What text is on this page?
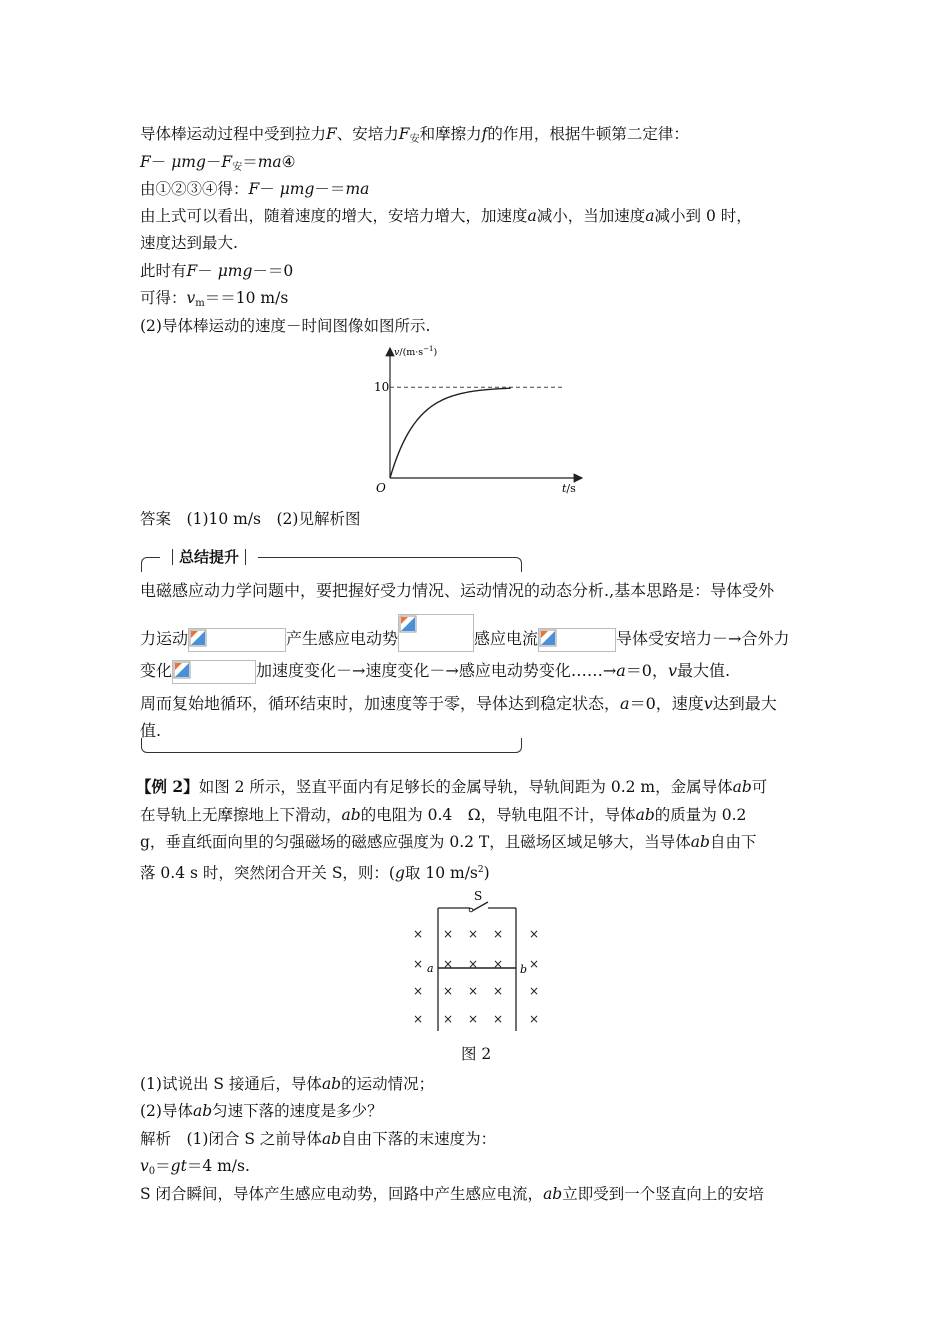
导体棒运动过程中受到拉力F、安培力$F_安$和摩擦力f的作用，根据牛顿第二定律：
$F- \mu mg-F_安=ma④$
由①②③④得：F－ μmg－＝ma
由上式可以看出，随着速度的增大，安培力增大，加速度a减小，当加速度a减小到 0 时，
速度达到最大.
此时有F－ μmg－＝0
可得：$v_m==10$ m/s
(2)导体棒运动的速度－时间图像如图所示.
10
O
$v/(m\cdot s^{-1})$
t/s
答案　 (1)10 m/s　(2)见解析图
总结提升
电磁感应动力学问题中，要把握好受力情况、运动情况的动态分析.,基本思路是：导体受外
力运动	产生感应电动势	感应电流	导体受安培力－→合外力
变化	加速度变化－→速度变化－→感应电动势变化……→a＝0，v最大值.
周而复始地循环，循环结束时，加速度等于零，导体达到稳定状态，a＝0，速度v达到最大
值.
【例 2】如图 2 所示，竖直平面内有足够长的金属导轨，导轨间距为 0.2 m，金属导体ab可
在导轨上无摩擦地上下滑动，ab的电阻为 0.4　Ω，导轨电阻不计，导体ab的质量为 0.2
g，垂直纸面向里的匀强磁场的磁感应强度为 0.2 T，且磁场区域足够大，当导体ab自由下
落 0.4 s 时，突然闭合开关 S，则：(g取 10 $m/s^2$)
S
a	b
× × × × ×
× × × × ×
× × × × ×
× × × × ×
图 2
(1)试说出 S 接通后，导体ab的运动情况；
(2)导体ab匀速下落的速度是多少？
解析　(1)闭合 S 之前导体ab自由下落的末速度为：
$v_0=gt=4$ m/s.
S 闭合瞬间，导体产生感应电动势，回路中产生感应电流，ab立即受到一个竖直向上的安培
